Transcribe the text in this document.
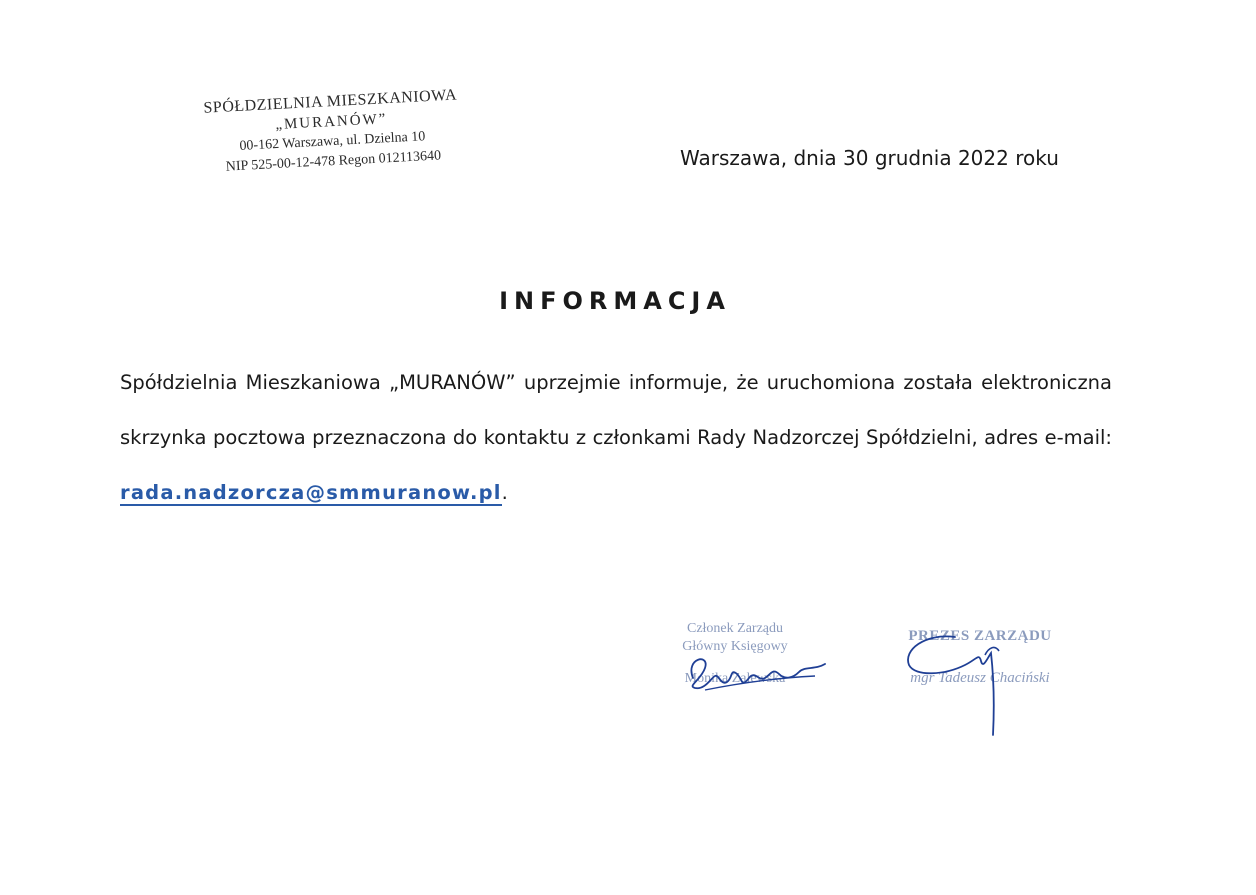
SPÓŁDZIELNIA MIESZKANIOWA
„MURANÓW”
00-162 Warszawa, ul. Dzielna 10
NIP 525-00-12-478 Regon 012113640	Warszawa, dnia 30 grudnia 2022 roku
INFORMACJA
Spółdzielnia Mieszkaniowa „MURANÓW” uprzejmie informuje, że uruchomiona została elektroniczna skrzynka pocztowa przeznaczona do kontaktu z członkami Rady Nadzorczej Spółdzielni, adres e-mail: rada.nadzorcza@smmuranow.pl.
Członek Zarządu
Główny Księgowy
Monika Zalewska
PREZES ZARZĄDU
mgr Tadeusz Chaciński
